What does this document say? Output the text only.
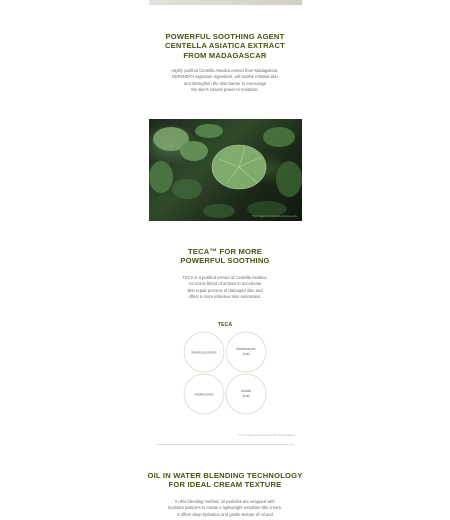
POWERFUL SOOTHING AGENT
CENTELLA ASIATICA EXTRACT
FROM MADAGASCAR
Highly purified Centella Asiatica extract from Madagascar,
DERMIDA's signature ingredient, will soothe irritated skin
and strengthen the skin barrier to encourage
the skin's natural power to revitalize.
*This image is for illustrative purposes only
TECA™ FOR MORE
POWERFUL SOOTHING
TECA is a purified extract of Centella Asiatica.
An iconic blend of actives to accelerate
skin repair process of damaged skin and
offers a more intensive skin restoration.
TECA
Madecassoside
Madecassic
Acid
Asiaticoside
Asiatic
Acid
*It's not hard to understand all the raw ingredients
OIL IN WATER BLENDING TECHNOLOGY
FOR IDEAL CREAM TEXTURE
In this blending method, oil particles are wrapped with
moisture particles to create a lightweight emulsion-like cream.
It offers deep hydration and gentle texture of oil and
